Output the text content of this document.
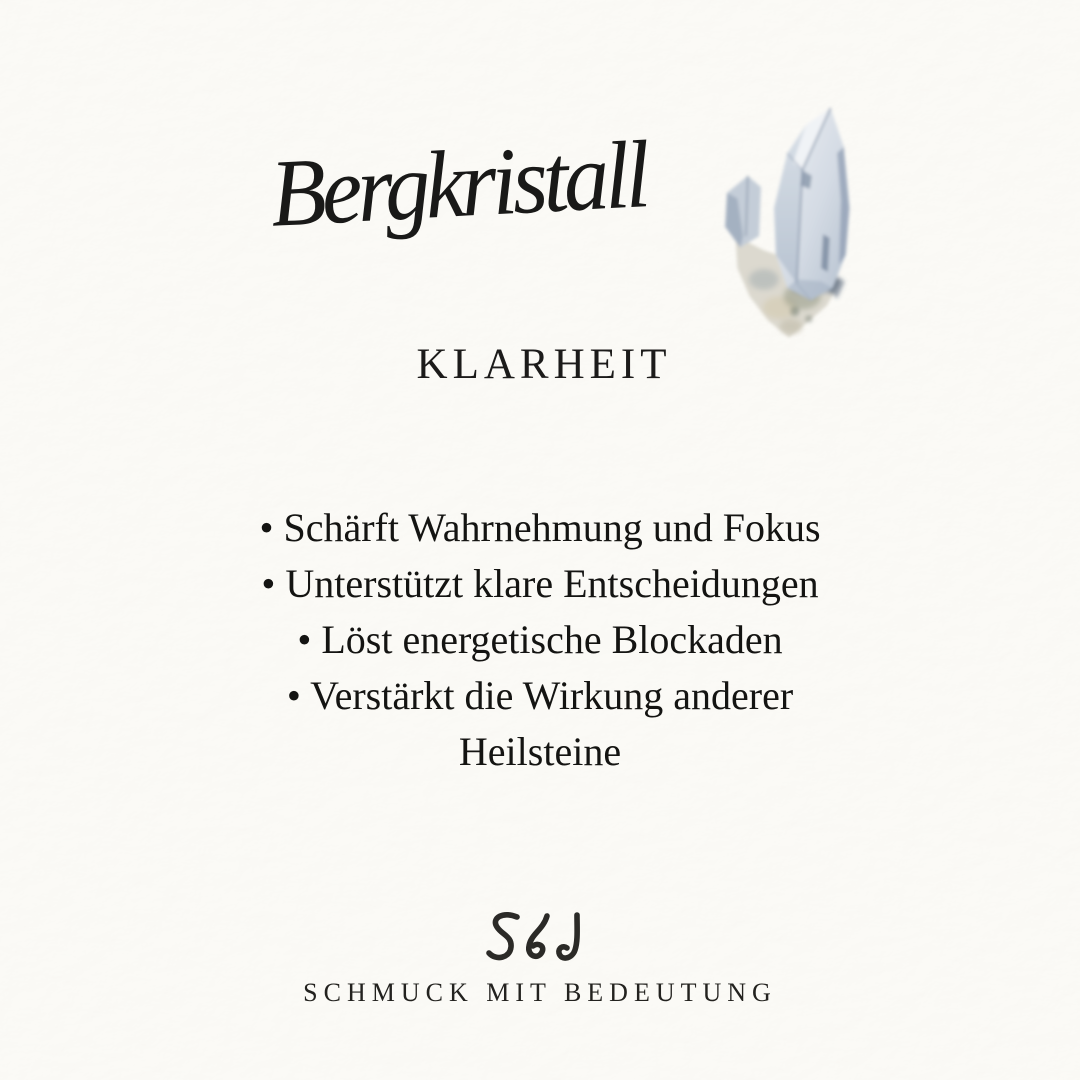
Bergkristall
KLARHEIT
• Schärft Wahrnehmung und Fokus
• Unterstützt klare Entscheidungen
• Löst energetische Blockaden
• Verstärkt die Wirkung anderer
Heilsteine
SCHMUCK MIT BEDEUTUNG
